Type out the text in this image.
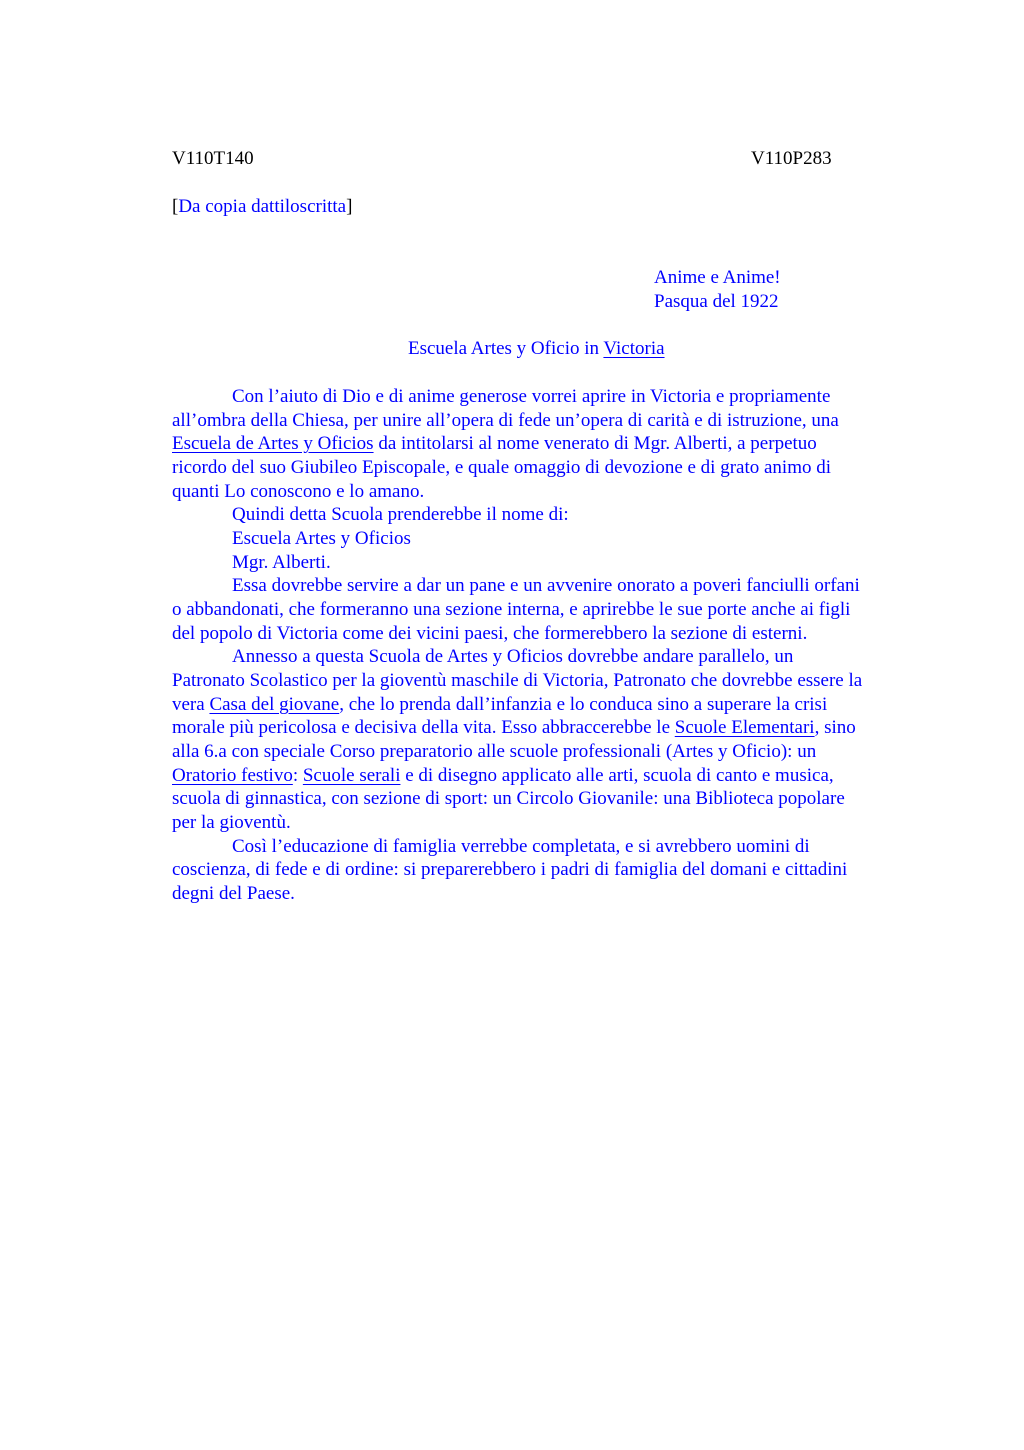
V110T140	V110P283
[Da copia dattiloscritta]
Anime e Anime!
Pasqua del 1922
Escuela Artes y Oficio in Victoria
Con l’aiuto di Dio e di anime generose vorrei aprire in Victoria e propriamente
all’ombra della Chiesa, per unire all’opera di fede un’opera di carità e di istruzione, una
Escuela de Artes y Oficios da intitolarsi al nome venerato di Mgr. Alberti, a perpetuo
ricordo del suo Giubileo Episcopale, e quale omaggio di devozione e di grato animo di
quanti Lo conoscono e lo amano.
Quindi detta Scuola prenderebbe il nome di:
Escuela Artes y Oficios
Mgr. Alberti.
Essa dovrebbe servire a dar un pane e un avvenire onorato a poveri fanciulli orfani
o abbandonati, che formeranno una sezione interna, e aprirebbe le sue porte anche ai figli
del popolo di Victoria come dei vicini paesi, che formerebbero la sezione di esterni.
Annesso a questa Scuola de Artes y Oficios dovrebbe andare parallelo, un
Patronato Scolastico per la gioventù maschile di Victoria, Patronato che dovrebbe essere la
vera Casa del giovane, che lo prenda dall’infanzia e lo conduca sino a superare la crisi
morale più pericolosa e decisiva della vita. Esso abbraccerebbe le Scuole Elementari, sino
alla 6.a con speciale Corso preparatorio alle scuole professionali (Artes y Oficio): un
Oratorio festivo: Scuole serali e di disegno applicato alle arti, scuola di canto e musica,
scuola di ginnastica, con sezione di sport: un Circolo Giovanile: una Biblioteca popolare
per la gioventù.
Così l’educazione di famiglia verrebbe completata, e si avrebbero uomini di
coscienza, di fede e di ordine: si preparerebbero i padri di famiglia del domani e cittadini
degni del Paese.
